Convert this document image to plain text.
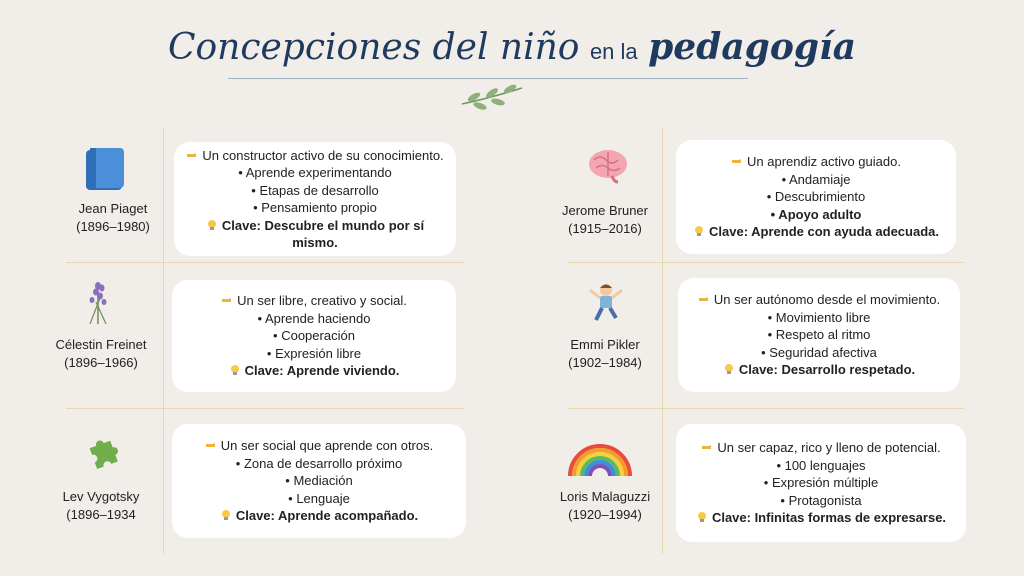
Concepciones del niño en la pedagogía
Jean Piaget
(1896–1980)
Un constructor activo de su conocimiento.
• Aprende experimentando
• Etapas de desarrollo
• Pensamiento propio
Clave: Descubre el mundo por sí mismo.
Célestin Freinet
(1896–1966)
Un ser libre, creativo y social.
• Aprende haciendo
• Cooperación
• Expresión libre
Clave: Aprende viviendo.
Lev Vygotsky
(1896–1934
Un ser social que aprende con otros.
• Zona de desarrollo próximo
• Mediación
• Lenguaje
Clave: Aprende acompañado.
Jerome Bruner
(1915–2016)
Un aprendiz activo guiado.
• Andamiaje
• Descubrimiento
• Apoyo adulto
Clave: Aprende con ayuda adecuada.
Emmi Pikler
(1902–1984)
Un ser autónomo desde el movimiento.
• Movimiento libre
• Respeto al ritmo
• Seguridad afectiva
Clave: Desarrollo respetado.
Loris Malaguzzi
(1920–1994)
Un ser capaz, rico y lleno de potencial.
• 100 lenguajes
• Expresión múltiple
• Protagonista
Clave: Infinitas formas de expresarse.
